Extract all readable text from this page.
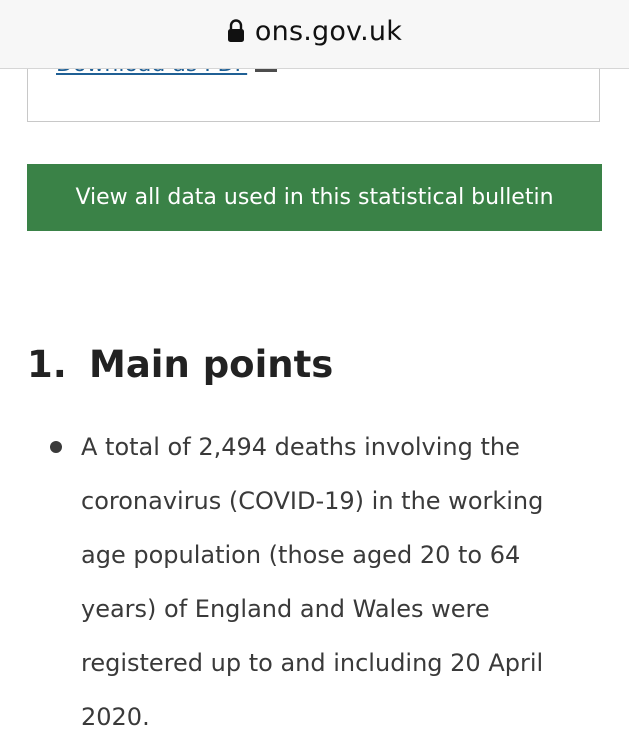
View all data used in this statistical bulletin
1. Main points
A total of 2,494 deaths involving the coronavirus (COVID-19) in the working age population (those aged 20 to 64 years) of England and Wales were registered up to and including 20 April 2020.
ons.gov.uk
